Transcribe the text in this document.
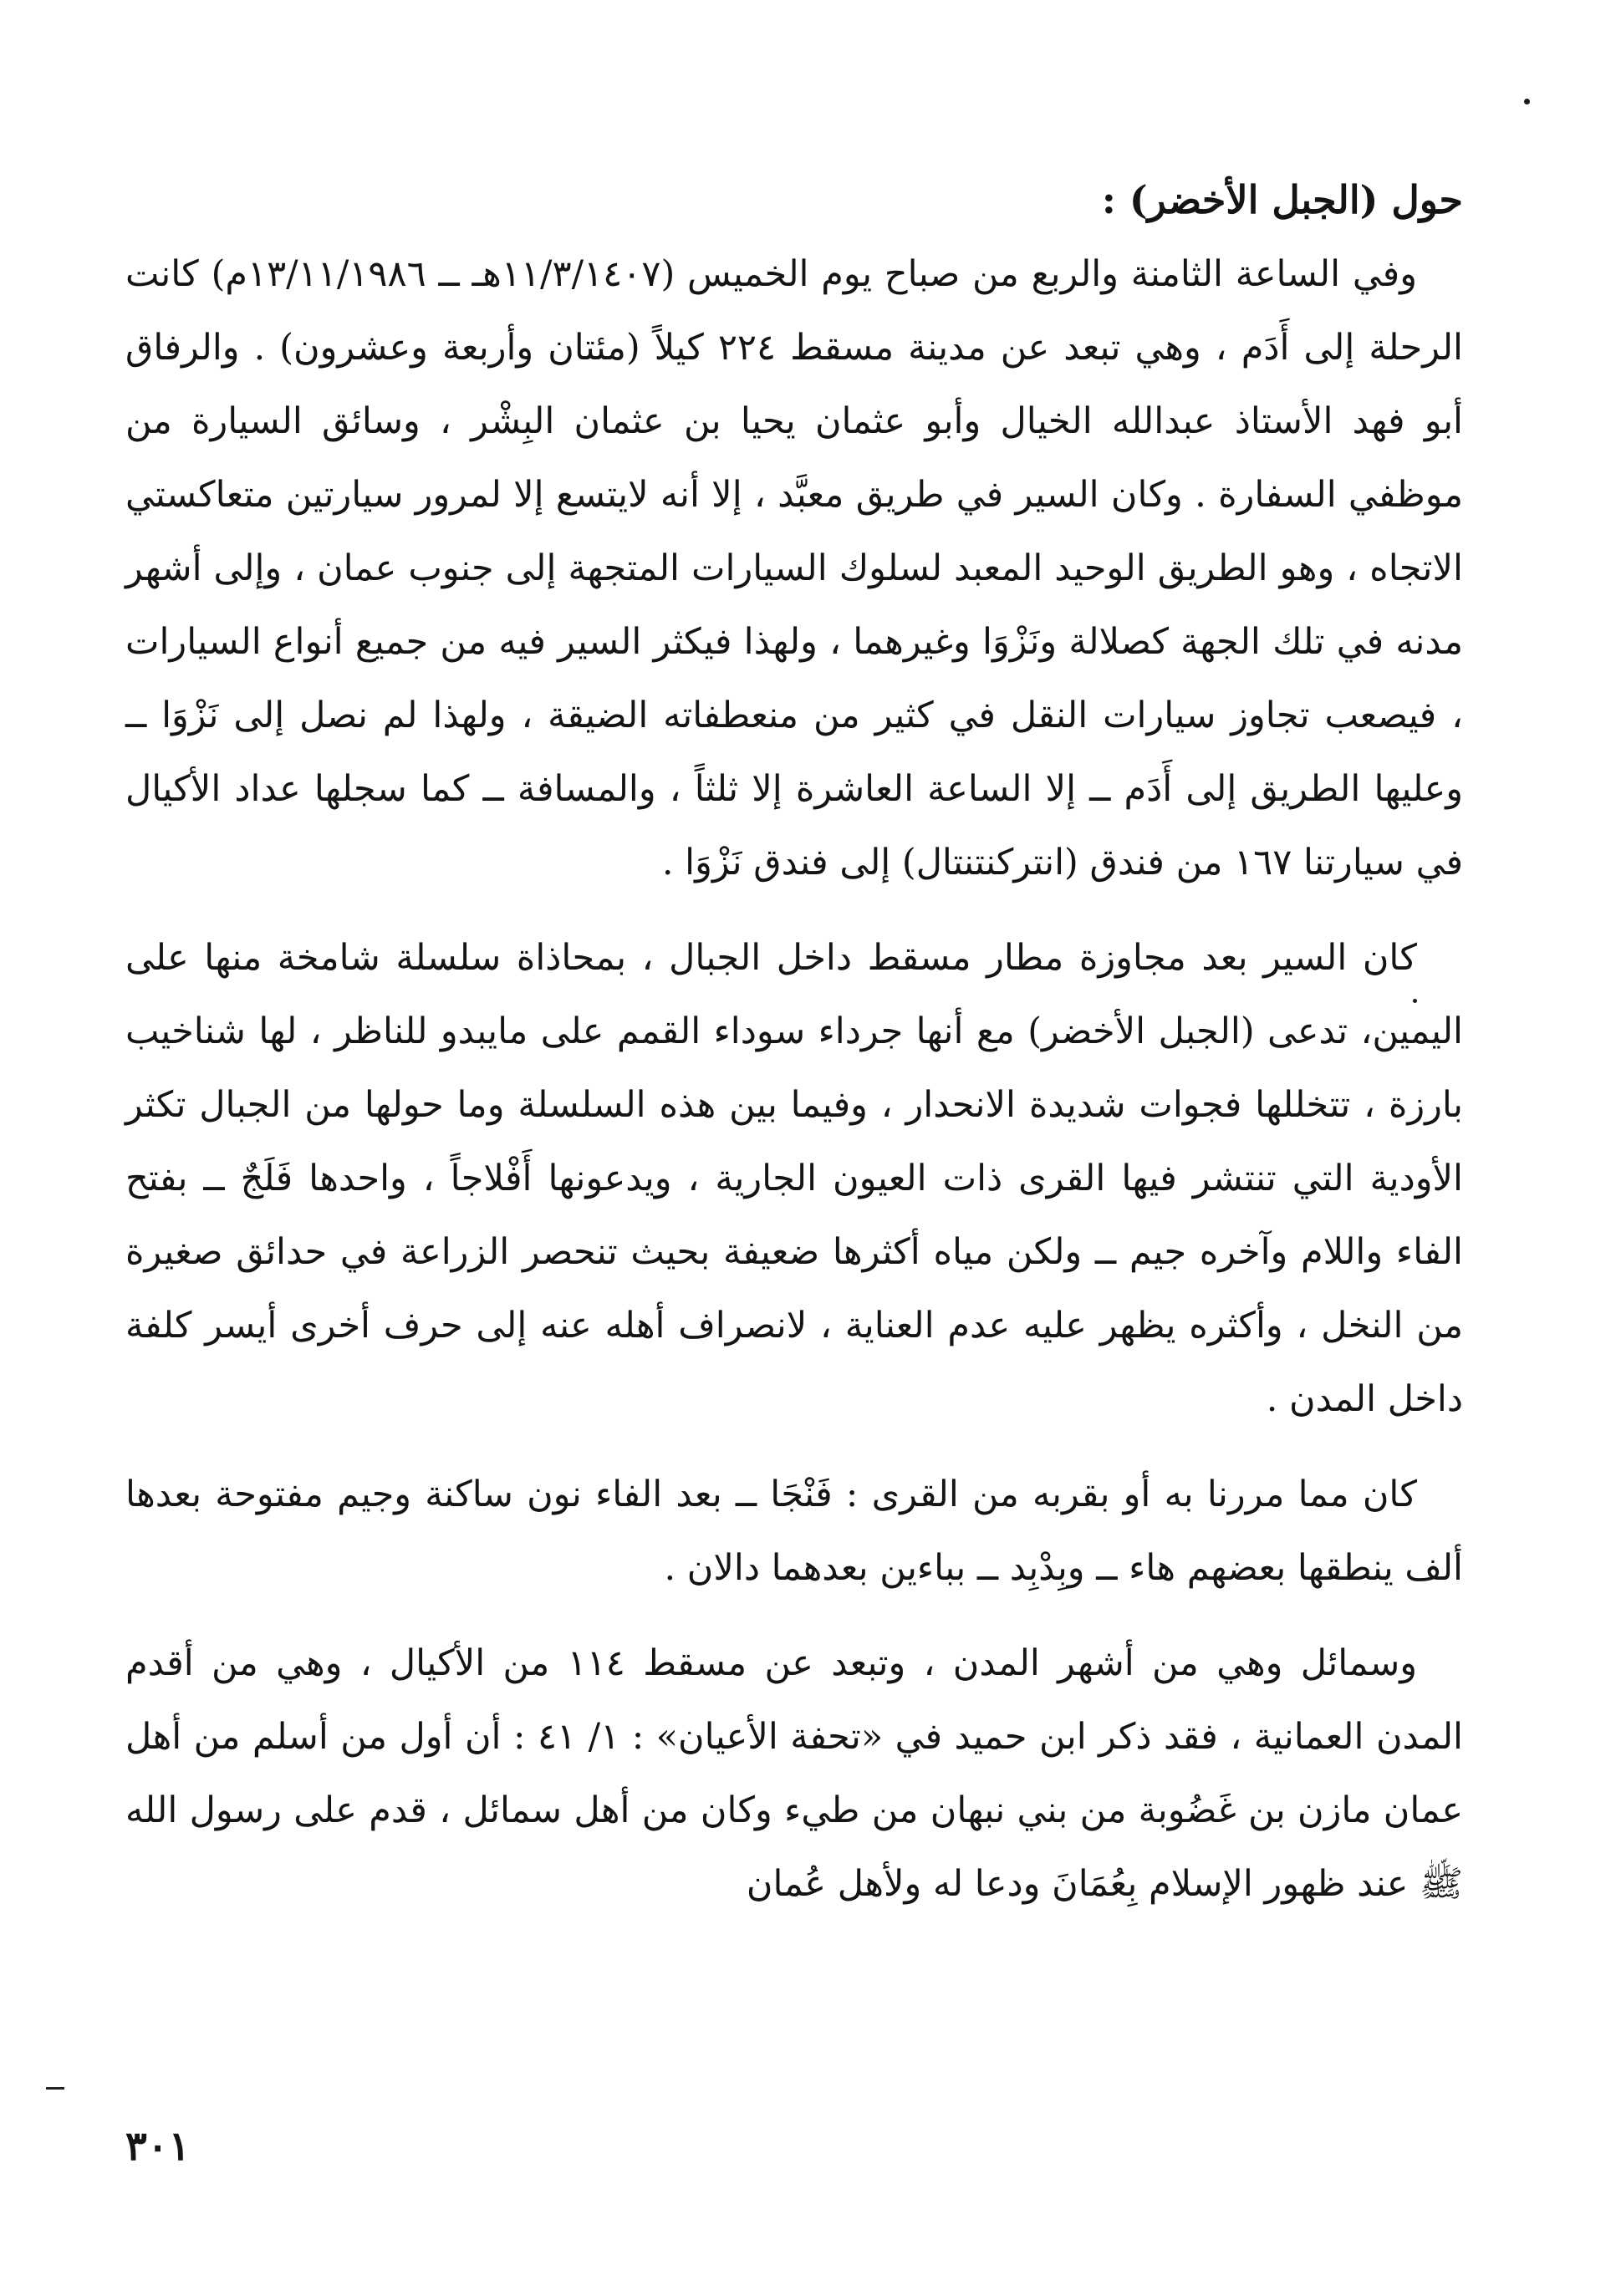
حول (الجبل الأخضر) :

وفي الساعة الثامنة والربع من صباح يوم الخميس (١١/٣/١٤٠٧هـ ــ ١٣/١١/١٩٨٦م) كانت الرحلة إلى أَدَم ، وهي تبعد عن مدينة مسقط ٢٢٤ كيلاً (مئتان وأربعة وعشرون) . والرفاق أبو فهد الأستاذ عبدالله الخيال وأبو عثمان يحيا بن عثمان البِشْر ، وسائق السيارة من موظفي السفارة . وكان السير في طريق معبَّد ، إلا أنه لايتسع إلا لمرور سيارتين متعاكستي الاتجاه ، وهو الطريق الوحيد المعبد لسلوك السيارات المتجهة إلى جنوب عمان ، وإلى أشهر مدنه في تلك الجهة كصلالة ونَزْوَا وغيرهما ، ولهذا فيكثر السير فيه من جميع أنواع السيارات ، فيصعب تجاوز سيارات النقل في كثير من منعطفاته الضيقة ، ولهذا لم نصل إلى نَزْوَا ــ وعليها الطريق إلى أَدَم ــ إلا الساعة العاشرة إلا ثلثاً ، والمسافة ــ كما سجلها عداد الأكيال في سيارتنا ١٦٧ من فندق (انتركنتنتال) إلى فندق نَزْوَا .

كان السير بعد مجاوزة مطار مسقط داخل الجبال ، بمحاذاة سلسلة شامخة منها على اليمين، تدعى (الجبل الأخضر) مع أنها جرداء سوداء القمم على مايبدو للناظر ، لها شناخيب بارزة ، تتخللها فجوات شديدة الانحدار ، وفيما بين هذه السلسلة وما حولها من الجبال تكثر الأودية التي تنتشر فيها القرى ذات العيون الجارية ، ويدعونها أَفْلاجاً ، واحدها فَلَجٌ ــ بفتح الفاء واللام وآخره جيم ــ ولكن مياه أكثرها ضعيفة بحيث تنحصر الزراعة في حدائق صغيرة من النخل ، وأكثره يظهر عليه عدم العناية ، لانصراف أهله عنه إلى حرف أخرى أيسر كلفة داخل المدن .

كان مما مررنا به أو بقربه من القرى : فَنْجَا ــ بعد الفاء نون ساكنة وجيم مفتوحة بعدها ألف ينطقها بعضهم هاء ــ وبِدْبِد ــ بباءين بعدهما دالان .

وسمائل وهي من أشهر المدن ، وتبعد عن مسقط ١١٤ من الأكيال ، وهي من أقدم المدن العمانية ، فقد ذكر ابن حميد في «تحفة الأعيان» : ١/ ٤١ : أن أول من أسلم من أهل عمان مازن بن غَضُوبة من بني نبهان من طيء وكان من أهل سمائل ، قدم على رسول الله ﷺ عند ظهور الإسلام بِعُمَانَ ودعا له ولأهل عُمان

٣٠١
